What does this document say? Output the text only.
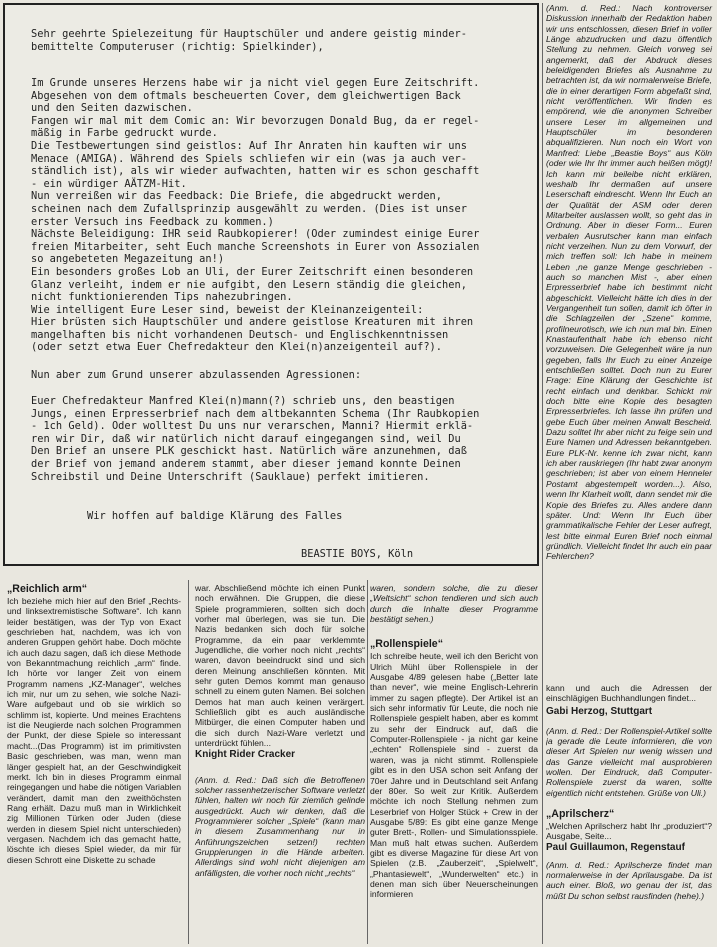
Sehr geehrte Spielezeitung für Hauptschüler und andere geistig minder-
bemittelte Computeruser (richtig: Spielkinder),

Im Grunde unseres Herzens habe wir ja nicht viel gegen Eure Zeitschrift.
Abgesehen von dem oftmals bescheuerten Cover, dem gleichwertigen Back
und den Seiten dazwischen.
Fangen wir mal mit dem Comic an: Wir bevorzugen Donald Bug, da er regel-
mäßig in Farbe gedruckt wurde.
Die Testbewertungen sind geistlos: Auf Ihr Anraten hin kauften wir uns
Menace (AMIGA). Während des Spiels schliefen wir ein (was ja auch ver-
ständlich ist), als wir wieder aufwachten, hatten wir es schon geschafft
- ein würdiger AÄTZM-Hit.
Nun verreißen wir das Feedback: Die Briefe, die abgedruckt werden,
scheinen nach dem Zufallsprinzip ausgewählt zu werden. (Dies ist unser
erster Versuch ins Feedback zu kommen.)
Nächste Beleidigung: IHR seid Raubkopierer! (Oder zumindest einige Eurer
freien Mitarbeiter, seht Euch manche Screenshots in Eurer von Assozialen
so angebeteten Megazeitung an!)
Ein besonders großes Lob an Uli, der Eurer Zeitschrift einen besonderen
Glanz verleiht, indem er nie aufgibt, den Lesern ständig die gleichen,
nicht funktionierenden Tips nahezubringen.
Wie intelligent Eure Leser sind, beweist der Kleinanzeigenteil:
Hier brüsten sich Hauptschüler und andere geistlose Kreaturen mit ihren
mangelhaften bis nicht vorhandenen Deutsch- und Englischkenntnissen
(oder setzt etwa Euer Chefredakteur den Klei(n)anzeigenteil auf?).

Nun aber zum Grund unserer abzulassenden Agressionen:

Euer Chefredakteur Manfred Klei(n)mann(?) schrieb uns, den beastigen
Jungs, einen Erpresserbrief nach dem altbekannten Schema (Ihr Raubkopien
- 1ch Geld). Oder wolltest Du uns nur verarschen, Manni? Hiermit erklä-
ren wir Dir, daß wir natürlich nicht darauf eingegangen sind, weil Du
Den Brief an unsere PLK geschickt hast. Natürlich wäre anzunehmen, daß
der Brief von jemand anderem stammt, aber dieser jemand konnte Deinen
Schreibstil und Deine Unterschrift (Sauklaue) perfekt imitieren.

Wir hoffen auf baldige Klärung des Falles

BEASTIE BOYS, Köln

(Anm. d. Red.: Nach kontroverser Diskussion innerhalb der Redaktion haben wir uns entschlossen, diesen Brief in voller Länge abzudrucken und dazu öffentlich Stellung zu nehmen. Gleich vorweg sei angemerkt, daß der Abdruck dieses beleidigenden Briefes als Ausnahme zu betrachten ist, da wir normalerweise Briefe, die in einer derartigen Form abgefaßt sind, nicht veröffentlichen. Wir finden es empörend, wie die anonymen Schreiber unsere Leser im allgemeinen und Hauptschüler im besonderen abqualifizieren. Nun noch ein Wort von Manfred: Liebe „Beastie Boys“ aus Köln (oder wie Ihr Ihr immer auch heißen mögt)! Ich kann mir beileibe nicht erklären, weshalb Ihr dermaßen auf unsere Leserschaft eindrescht. Wenn Ihr Euch an der Qualität der ASM oder deren Mitarbeiter auslassen wollt, so geht das in Ordnung. Aber in dieser Form... Euren verbalen Ausrutscher kann man einfach nicht verzeihen. Nun zu dem Vorwurf, der mich treffen soll: Ich habe in meinem Leben ‚ne ganze Menge geschrieben - auch so manchen Mist -, aber einen Erpresserbrief habe ich bestimmt nicht abgeschickt. Vielleicht hätte ich dies in der Vergangenheit tun sollen, damit ich öfter in die Schlagzeilen der „Szene“ komme, profilneurotisch, wie ich nun mal bin. Einen Knastaufenthalt habe ich ebenso nicht vorzuweisen. Die Gelegenheit wäre ja nun gegeben, falls Ihr Euch zu einer Anzeige entschließen solltet. Doch nun zu Eurer Frage: Eine Klärung der Geschichte ist recht einfach und denkbar. Schickt mir doch bitte eine Kopie des besagten Erpresserbriefes. Ich lasse ihn prüfen und gebe Euch über meinen Anwalt Bescheid. Dazu solltet Ihr aber nicht zu feige sein und Eure Namen und Adressen bekanntgeben. Eure PLK-Nr. kenne ich zwar nicht, kann ich aber rauskriegen (Ihr habt zwar anonym geschrieben; ist aber von einem Henneler Postamt abgestempelt worden...). Also, wenn Ihr Klarheit wollt, dann sendet mir die Kopie des Briefes zu. Alles andere dann später. Und: Wenn Ihr Euch über grammatikalische Fehler der Leser aufregt, lest bitte einmal Euren Brief noch einmal gründlich. Vielleicht findet Ihr auch ein paar Fehlerchen?

„Reichlich arm“

Ich beziehe mich hier auf den Brief „Rechts- und linksextremistische Software“. Ich kann leider bestätigen, was der Typ von Exact geschrieben hat, nachdem, was ich von anderen Gruppen gehört habe. Doch möchte ich auch dazu sagen, daß ich diese Methode von Bekanntmachung reichlich „arm“ finde. Ich hörte vor langer Zeit von einem Programm namens „KZ-Manager“, welches ich mir, nur um zu sehen, wie solche Nazi-Ware aufgebaut und ob sie wirklich so schlimm ist, kopierte. Und meines Erachtens ist die Neugierde nach solchen Programmen der Punkt, der diese Spiele so interessant macht...(Das Programm) ist im primitivsten Basic geschrieben, was man, wenn man länger gespielt hat, an der Geschwindigkeit merkt. Ich bin in dieses Programm einmal reingegangen und habe die nötigen Variablen verändert, damit man den zweithöchsten Rang erhält. Dazu muß man in Wirklichkeit zig Millionen Türken oder Juden (diese werden in diesem Spiel nicht unterschieden) vergasen. Nachdem ich das gemacht hatte, löschte ich dieses Spiel wieder, da mir für diesen Schrott eine Diskette zu schade

war. Abschließend möchte ich einen Punkt noch erwähnen. Die Gruppen, die diese Spiele programmieren, sollten sich doch vorher mal überlegen, was sie tun. Die Nazis bedanken sich doch für solche Programme, da ein paar verklemmte Jugendliche, die vorher noch nicht „rechts“ waren, davon beeindruckt sind und sich deren Meinung anschließen könnten. Mit sehr guten Demos kommt man genauso schnell zu einem guten Namen. Bei solchen Demos hat man auch keinen verärgert. Schließlich gibt es auch ausländische Mitbürger, die einen Computer haben und die sich durch Nazi-Ware verletzt und unterdrückt fühlen...

Knight Rider Cracker

(Anm. d. Red.: Daß sich die Betroffenen solcher rassenhetzerischer Software verletzt fühlen, halten wir noch für ziemlich gelinde ausgedrückt. Auch wir denken, daß die Programmierer solcher „Spiele“ (kann man in diesem Zusammenhang nur in Anführungszeichen setzen!) rechten Gruppierungen in die Hände arbeiten. Allerdings sind wohl nicht diejenigen am anfälligsten, die vorher noch nicht „rechts“

waren, sondern solche, die zu dieser „Weltsicht“ schon tendieren und sich auch durch die Inhalte dieser Programme bestätigt sehen.)

„Rollenspiele“

Ich schreibe heute, weil ich den Bericht von Ulrich Mühl über Rollenspiele in der Ausgabe 4/89 gelesen habe („Better late than never“, wie meine Englisch-Lehrerin immer zu sagen pflegte). Der Artikel ist an sich sehr informativ für Leute, die noch nie Rollenspiele gespielt haben, aber es kommt zu sehr der Eindruck auf, daß die Computer-Rollenspiele - ja nicht gar keine „echten“ Rollenspiele sind - zuerst da waren, was ja nicht stimmt. Rollenspiele gibt es in den USA schon seit Anfang der 70er Jahre und in Deutschland seit Anfang der 80er. So weit zur Kritik. Außerdem möchte ich noch Stellung nehmen zum Leserbrief von Holger Stück + Crew in der Ausgabe 5/89: Es gibt eine ganze Menge guter Brett-, Rollen- und Simulationsspiele. Man muß halt etwas suchen. Außerdem gibt es diverse Magazine für diese Art von Spielen (z.B. „Zauberzeit“, „Spielwelt“, „Phantasiewelt“, „Wunderwelten“ etc.) in denen man sich über Neuerscheinungen informieren

kann und auch die Adressen der einschlägigen Buchhandlungen findet...

Gabi Herzog, Stuttgart

(Anm. d. Red.: Der Rollenspiel-Artikel sollte ja gerade die Leute informieren, die von dieser Art Spielen nur wenig wissen und das Ganze vielleicht mal ausprobieren wollen. Der Eindruck, daß Computer-Rollenspiele zuerst da waren, sollte eigentlich nicht entstehen. Grüße von Uli.)

„Aprilscherz“

„Welchen Aprilscherz habt Ihr „produziert“? Ausgabe, Seite...

Paul Guillaumon, Regenstauf

(Anm. d. Red.: Aprilscherze findet man normalerweise in der Aprilausgabe. Da ist auch einer. Bloß, wo genau der ist, das müßt Du schon selbst rausfinden (hehe).)
